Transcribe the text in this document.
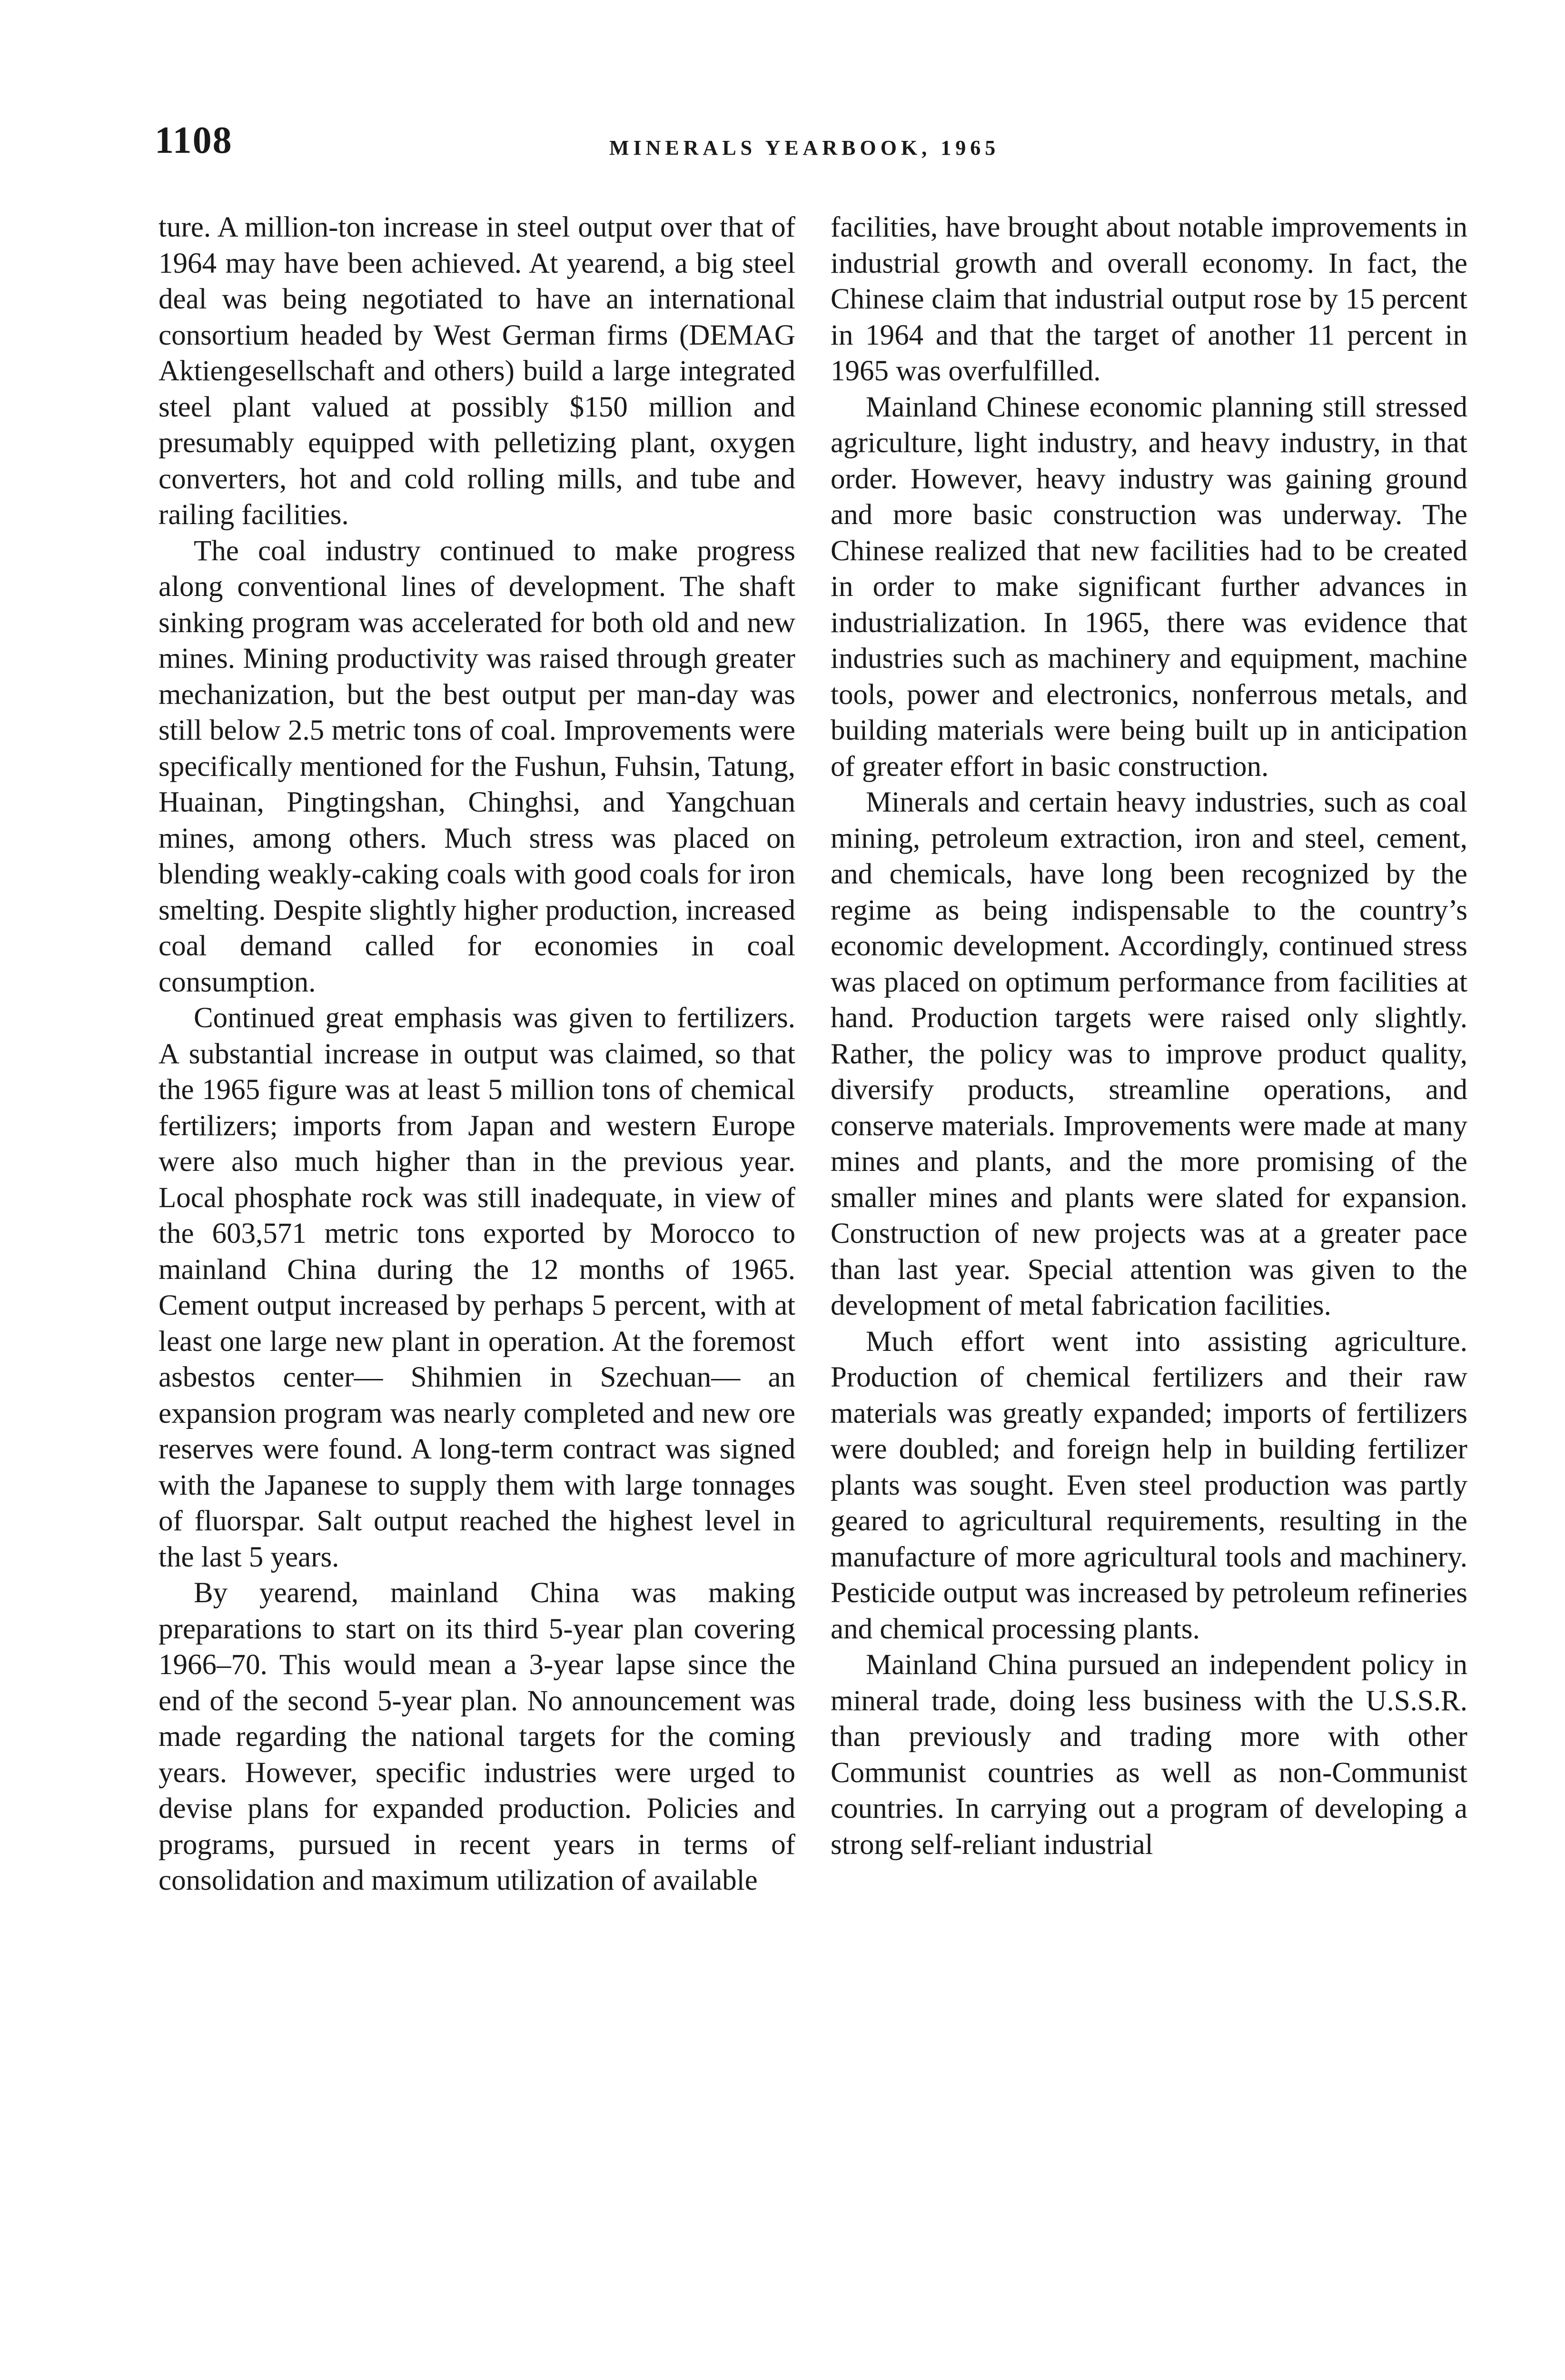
1108	MINERALS YEARBOOK, 1965

ture. A million-ton increase in steel output over that of 1964 may have been achieved. At yearend, a big steel deal was being negotiated to have an international consortium headed by West German firms (DEMAG Aktiengesellschaft and others) build a large integrated steel plant valued at possibly $150 million and presumably equipped with pelletizing plant, oxygen converters, hot and cold rolling mills, and tube and railing facilities.

The coal industry continued to make progress along conventional lines of development. The shaft sinking program was accelerated for both old and new mines. Mining productivity was raised through greater mechanization, but the best output per man-day was still below 2.5 metric tons of coal. Improvements were specifically mentioned for the Fushun, Fuhsin, Tatung, Huainan, Pingtingshan, Chinghsi, and Yangchuan mines, among others. Much stress was placed on blending weakly-caking coals with good coals for iron smelting. Despite slightly higher production, increased coal demand called for economies in coal consumption.

Continued great emphasis was given to fertilizers. A substantial increase in output was claimed, so that the 1965 figure was at least 5 million tons of chemical fertilizers; imports from Japan and western Europe were also much higher than in the previous year. Local phosphate rock was still inadequate, in view of the 603,571 metric tons exported by Morocco to mainland China during the 12 months of 1965. Cement output increased by perhaps 5 percent, with at least one large new plant in operation. At the foremost asbestos center— Shihmien in Szechuan— an expansion program was nearly completed and new ore reserves were found. A long-term contract was signed with the Japanese to supply them with large tonnages of fluorspar. Salt output reached the highest level in the last 5 years.

By yearend, mainland China was making preparations to start on its third 5-year plan covering 1966–70. This would mean a 3-year lapse since the end of the second 5-year plan. No announcement was made regarding the national targets for the coming years. However, specific industries were urged to devise plans for expanded production. Policies and programs, pursued in recent years in terms of consolidation and maximum utilization of available

facilities, have brought about notable improvements in industrial growth and overall economy. In fact, the Chinese claim that industrial output rose by 15 percent in 1964 and that the target of another 11 percent in 1965 was overfulfilled.

Mainland Chinese economic planning still stressed agriculture, light industry, and heavy industry, in that order. However, heavy industry was gaining ground and more basic construction was underway. The Chinese realized that new facilities had to be created in order to make significant further advances in industrialization. In 1965, there was evidence that industries such as machinery and equipment, machine tools, power and electronics, nonferrous metals, and building materials were being built up in anticipation of greater effort in basic construction.

Minerals and certain heavy industries, such as coal mining, petroleum extraction, iron and steel, cement, and chemicals, have long been recognized by the regime as being indispensable to the country’s economic development. Accordingly, continued stress was placed on optimum performance from facilities at hand. Production targets were raised only slightly. Rather, the policy was to improve product quality, diversify products, streamline operations, and conserve materials. Improvements were made at many mines and plants, and the more promising of the smaller mines and plants were slated for expansion. Construction of new projects was at a greater pace than last year. Special attention was given to the development of metal fabrication facilities.

Much effort went into assisting agriculture. Production of chemical fertilizers and their raw materials was greatly expanded; imports of fertilizers were doubled; and foreign help in building fertilizer plants was sought. Even steel production was partly geared to agricultural requirements, resulting in the manufacture of more agricultural tools and machinery. Pesticide output was increased by petroleum refineries and chemical processing plants.

Mainland China pursued an independent policy in mineral trade, doing less business with the U.S.S.R. than previously and trading more with other Communist countries as well as non-Communist countries. In carrying out a program of developing a strong self-reliant industrial
